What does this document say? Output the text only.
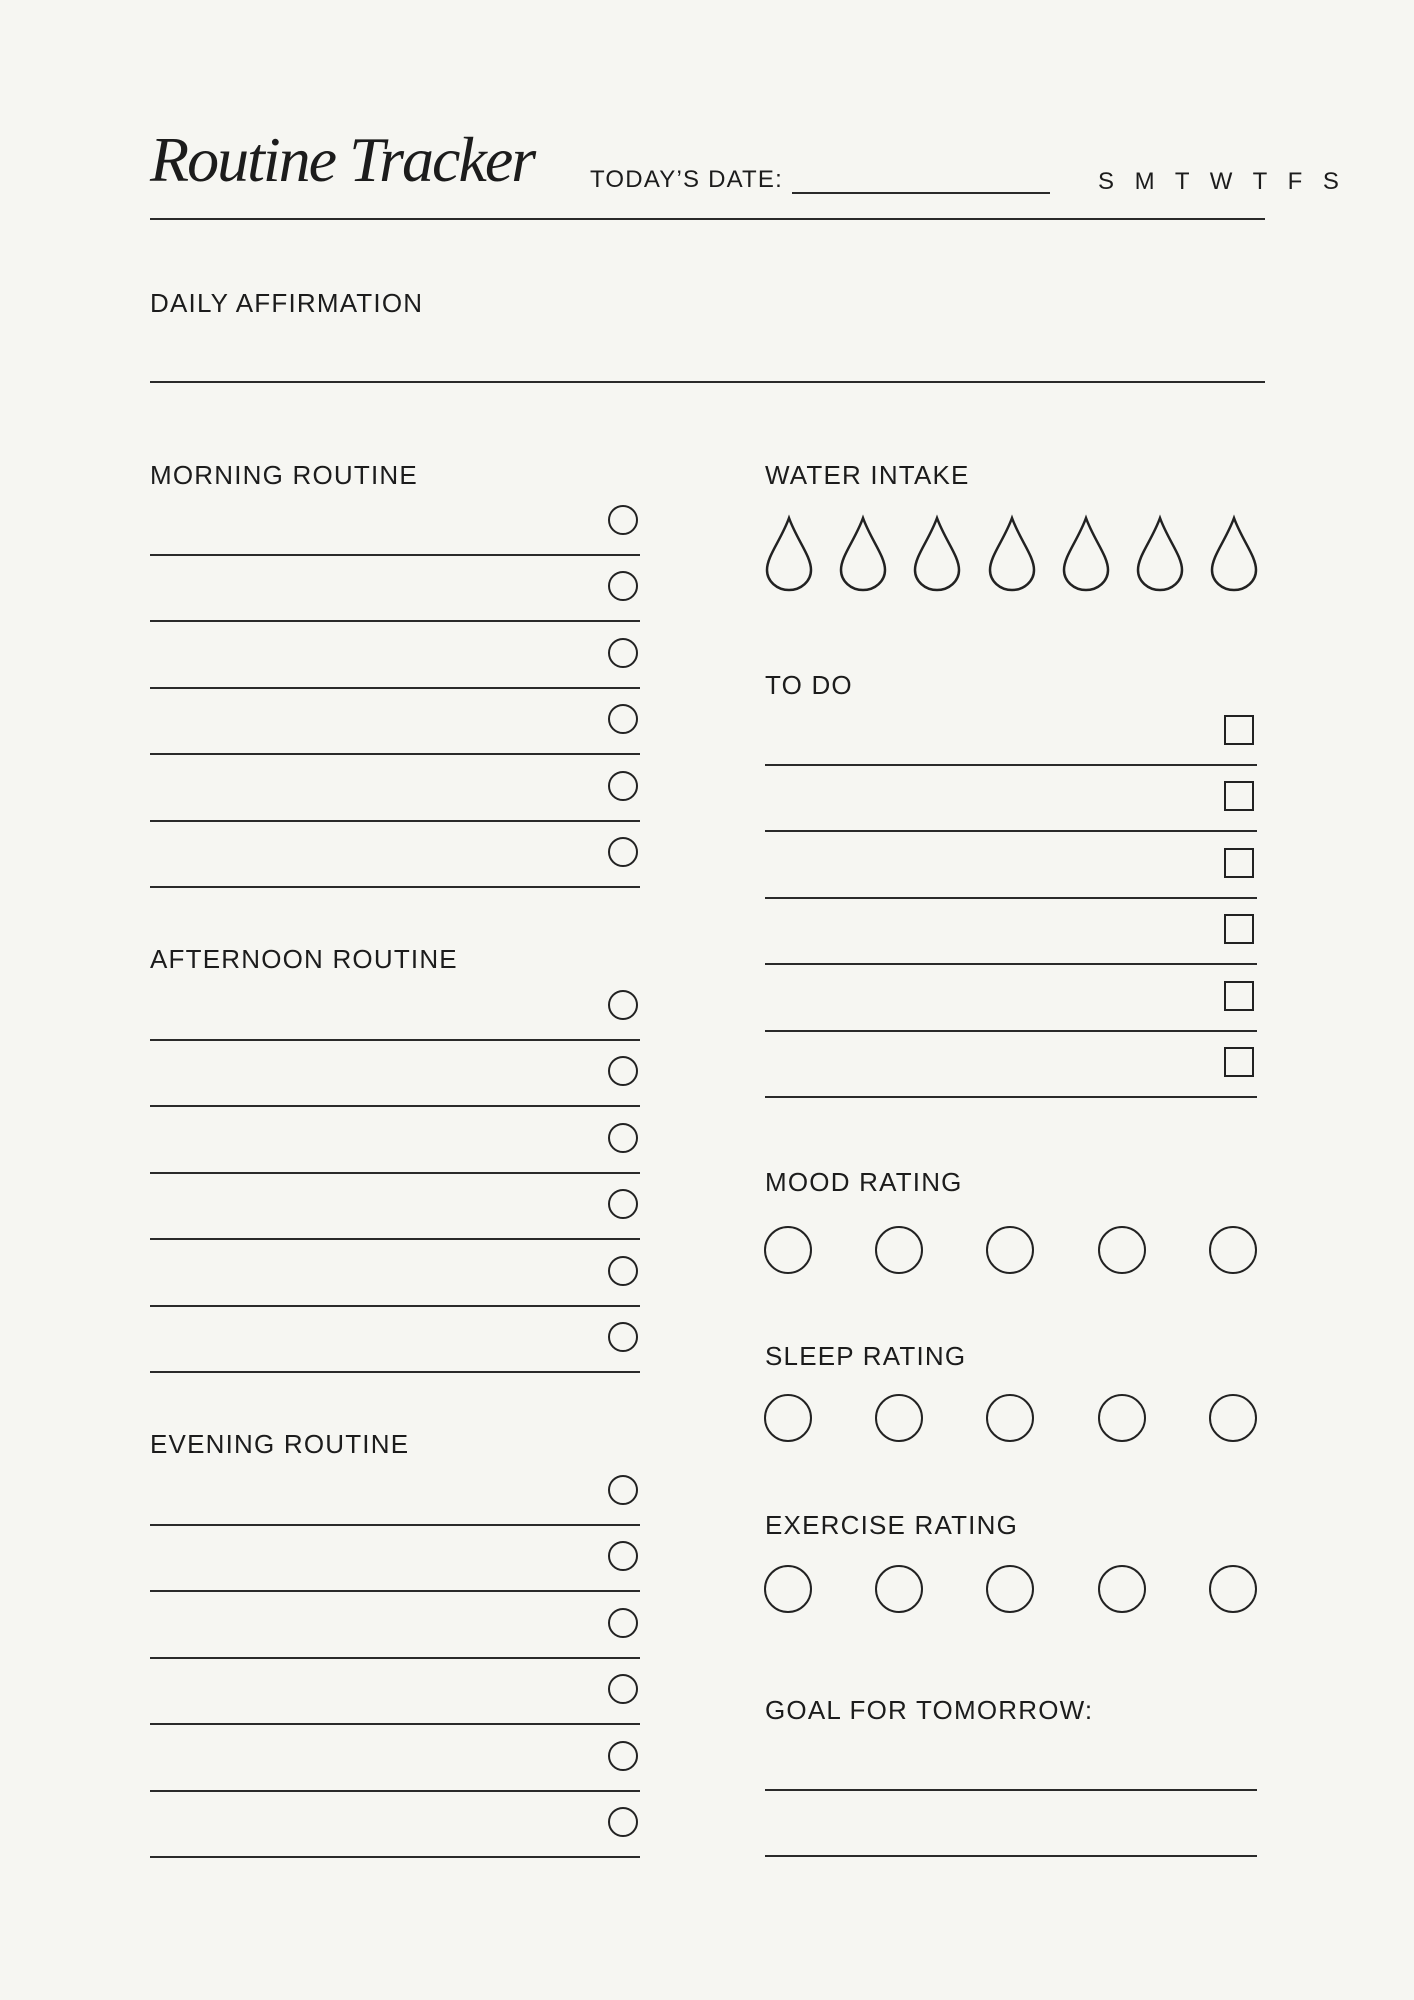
Routine Tracker TODAY’S DATE:	S M T W T F S
DAILY AFFIRMATION
MORNING ROUTINE
AFTERNOON ROUTINE
EVENING ROUTINE
WATER INTAKE
TO DO
MOOD RATING
SLEEP RATING
EXERCISE RATING
GOAL FOR TOMORROW:
